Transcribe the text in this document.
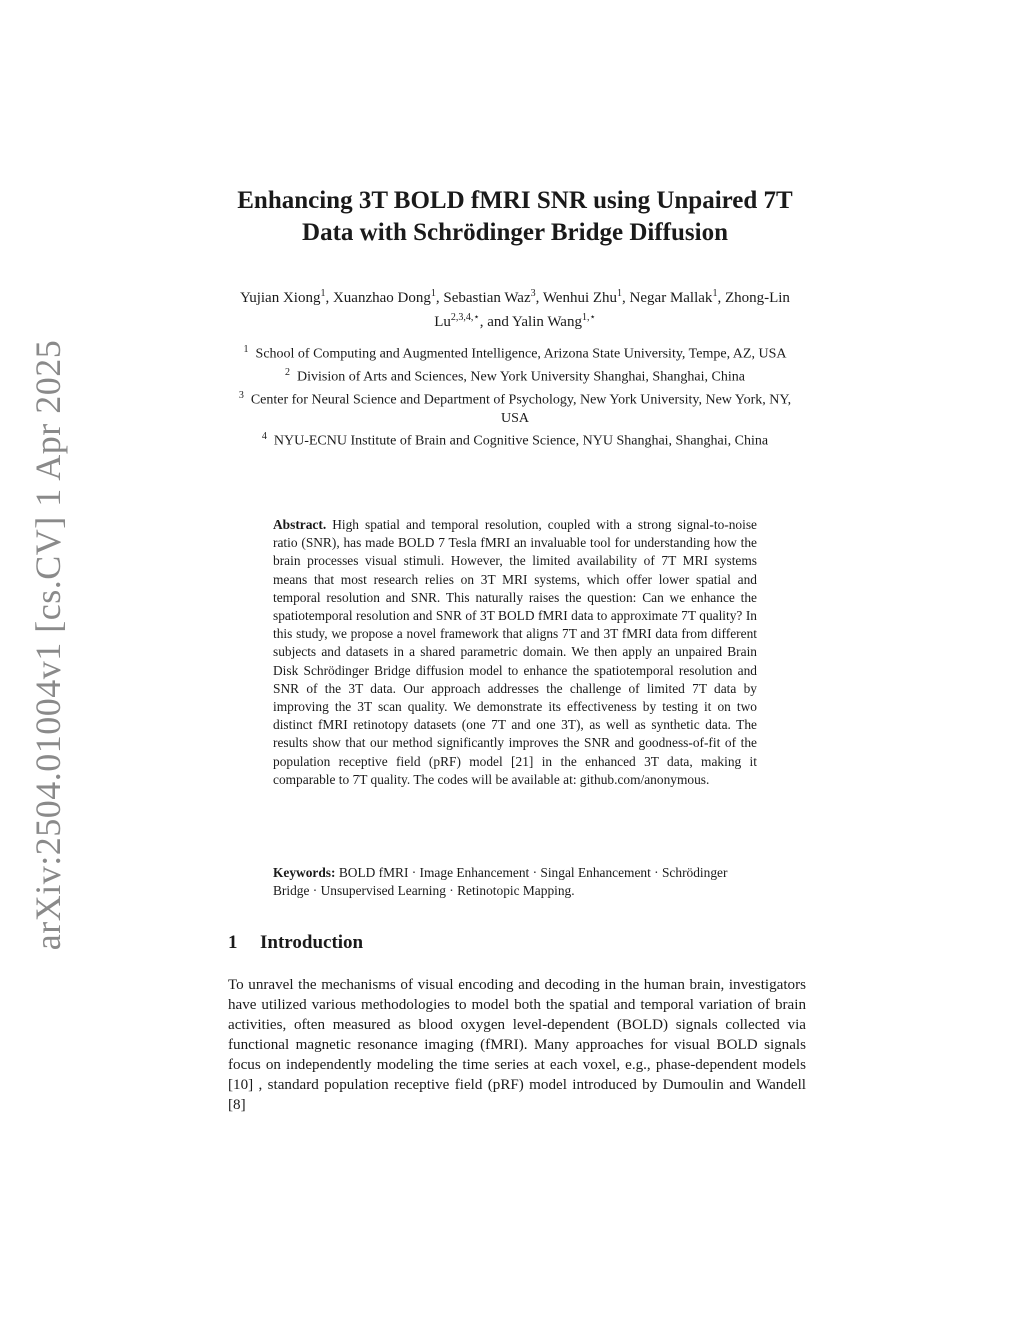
arXiv:2504.01004v1 [cs.CV] 1 Apr 2025
Enhancing 3T BOLD fMRI SNR using Unpaired 7T Data with Schrödinger Bridge Diffusion
Yujian Xiong$^1$, Xuanzhao Dong$^1$, Sebastian Waz$^3$, Wenhui Zhu$^1$, Negar Mallak$^1$, Zhong-Lin $Lu^{2,3,4,⋆}$, and Yalin Wang$^{1,⋆}$
$^1$ School of Computing and Augmented Intelligence, Arizona State University, Tempe, AZ, USA
$^2$ Division of Arts and Sciences, New York University Shanghai, Shanghai, China
$^3$ Center for Neural Science and Department of Psychology, New York University, New York, NY, USA
$^4$ NYU-ECNU Institute of Brain and Cognitive Science, NYU Shanghai, Shanghai, China
Abstract. High spatial and temporal resolution, coupled with a strong signal-to-noise ratio (SNR), has made BOLD 7 Tesla fMRI an invaluable tool for understanding how the brain processes visual stimuli. However, the limited availability of 7T MRI systems means that most research relies on 3T MRI systems, which offer lower spatial and temporal resolution and SNR. This naturally raises the question: Can we enhance the spatiotemporal resolution and SNR of 3T BOLD fMRI data to approximate 7T quality? In this study, we propose a novel framework that aligns 7T and 3T fMRI data from different subjects and datasets in a shared parametric domain. We then apply an unpaired Brain Disk Schrödinger Bridge diffusion model to enhance the spatiotemporal resolution and SNR of the 3T data. Our approach addresses the challenge of limited 7T data by improving the 3T scan quality. We demonstrate its effectiveness by testing it on two distinct fMRI retinotopy datasets (one 7T and one 3T), as well as synthetic data. The results show that our method significantly improves the SNR and goodness-of-fit of the population receptive field (pRF) model [21] in the enhanced 3T data, making it comparable to 7T quality. The codes will be available at: github.com/anonymous.
Keywords: BOLD fMRI · Image Enhancement · Singal Enhancement · Schrödinger Bridge · Unsupervised Learning · Retinotopic Mapping.
1 Introduction

To unravel the mechanisms of visual encoding and decoding in the human brain, investigators have utilized various methodologies to model both the spatial and temporal variation of brain activities, often measured as blood oxygen level-dependent (BOLD) signals collected via functional magnetic resonance imaging (fMRI). Many approaches for visual BOLD signals focus on independently modeling the time series at each voxel, e.g., phase-dependent models [10] , standard population receptive field (pRF) model introduced by Dumoulin and Wandell [8]
